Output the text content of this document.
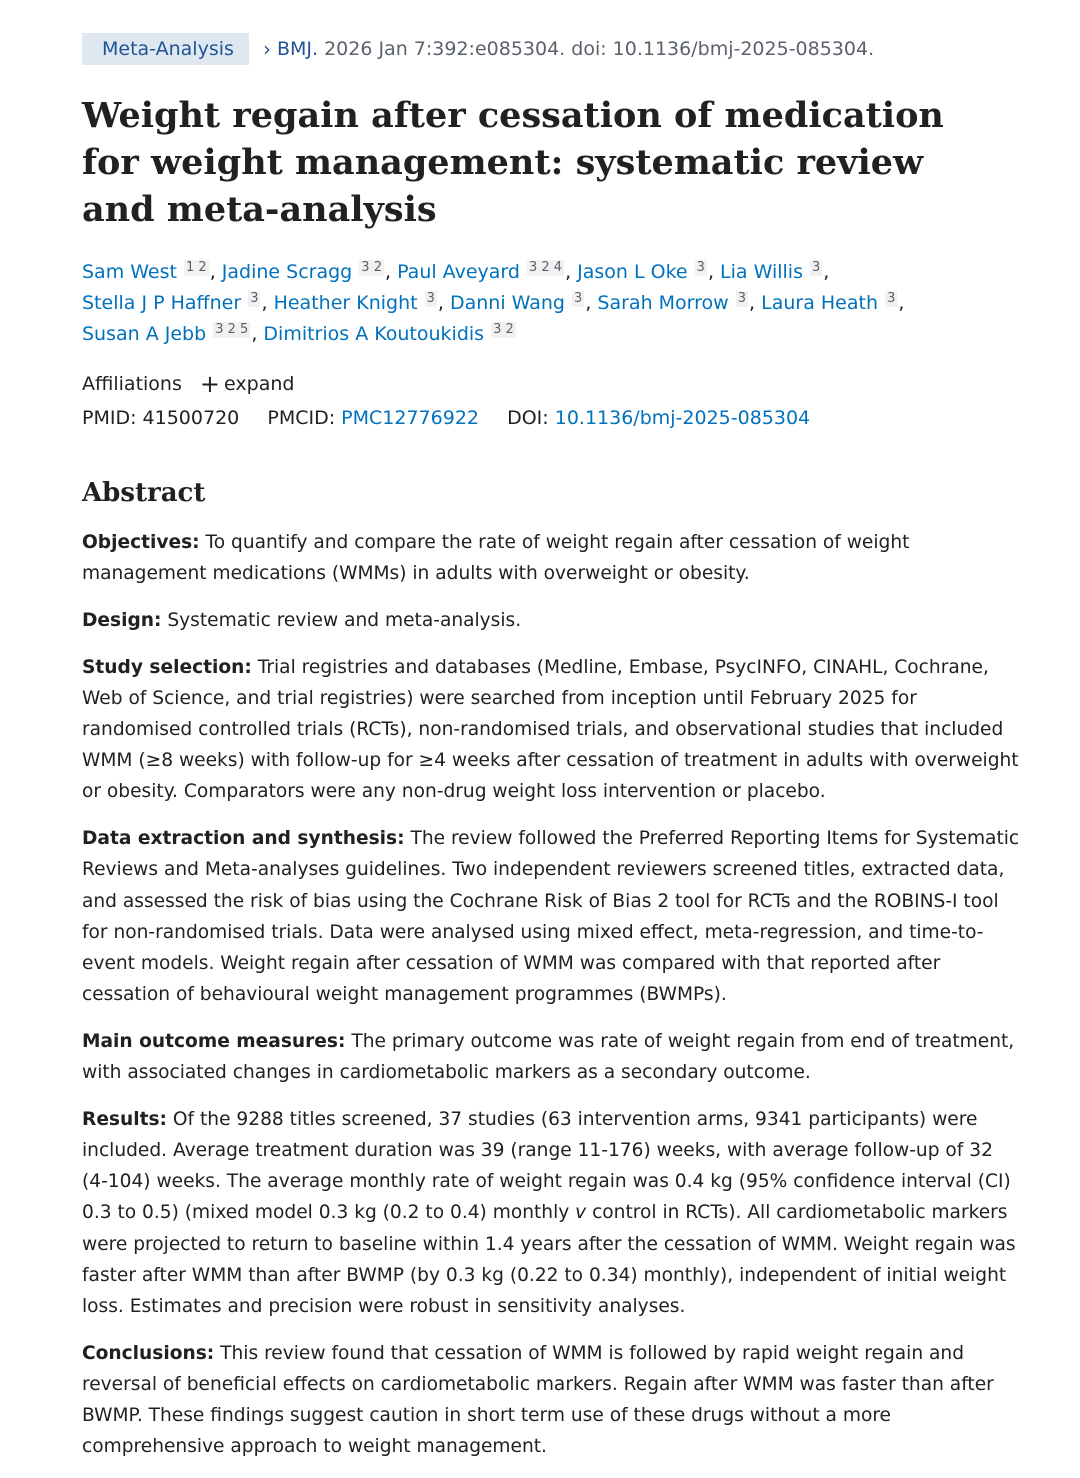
Meta-Analysis	› BMJ. 2026 Jan 7:392:e085304. doi: 10.1136/bmj-2025-085304.
Weight regain after cessation of medication for weight management: systematic review and meta-analysis
Sam West $^{1 2}$ , Jadine Scragg $^{3 2}$ , Paul Aveyard $^{3 2 4}$ , Jason L Oke $^3$ , Lia Willis $^3$ ,
Stella J P Haffner $^3$ , Heather Knight $^3$ , Danni Wang $^3$ , Sarah Morrow $^3$ , Laura Heath $^3$ ,
Susan A Jebb $^{3 2 5}$ , Dimitrios A Koutoukidis $^{3 2}$
Affiliations + expand
PMID: 41500720 PMCID: PMC12776922 DOI: 10.1136/bmj-2025-085304
Abstract

Objectives: To quantify and compare the rate of weight regain after cessation of weight management medications (WMMs) in adults with overweight or obesity.

Design: Systematic review and meta-analysis.

Study selection: Trial registries and databases (Medline, Embase, PsycINFO, CINAHL, Cochrane, Web of Science, and trial registries) were searched from inception until February 2025 for randomised controlled trials (RCTs), non-randomised trials, and observational studies that included WMM (≥8 weeks) with follow-up for ≥4 weeks after cessation of treatment in adults with overweight or obesity. Comparators were any non-drug weight loss intervention or placebo.

Data extraction and synthesis: The review followed the Preferred Reporting Items for Systematic Reviews and Meta-analyses guidelines. Two independent reviewers screened titles, extracted data, and assessed the risk of bias using the Cochrane Risk of Bias 2 tool for RCTs and the ROBINS-I tool for non-randomised trials. Data were analysed using mixed effect, meta-regression, and time-to-event models. Weight regain after cessation of WMM was compared with that reported after cessation of behavioural weight management programmes (BWMPs).

Main outcome measures: The primary outcome was rate of weight regain from end of treatment, with associated changes in cardiometabolic markers as a secondary outcome.

Results: Of the 9288 titles screened, 37 studies (63 intervention arms, 9341 participants) were included. Average treatment duration was 39 (range 11-176) weeks, with average follow-up of 32 (4-104) weeks. The average monthly rate of weight regain was 0.4 kg (95% confidence interval (CI) 0.3 to 0.5) (mixed model 0.3 kg (0.2 to 0.4) monthly v control in RCTs). All cardiometabolic markers were projected to return to baseline within 1.4 years after the cessation of WMM. Weight regain was faster after WMM than after BWMP (by 0.3 kg (0.22 to 0.34) monthly), independent of initial weight loss. Estimates and precision were robust in sensitivity analyses.

Conclusions: This review found that cessation of WMM is followed by rapid weight regain and reversal of beneficial effects on cardiometabolic markers. Regain after WMM was faster than after BWMP. These findings suggest caution in short term use of these drugs without a more comprehensive approach to weight management.
